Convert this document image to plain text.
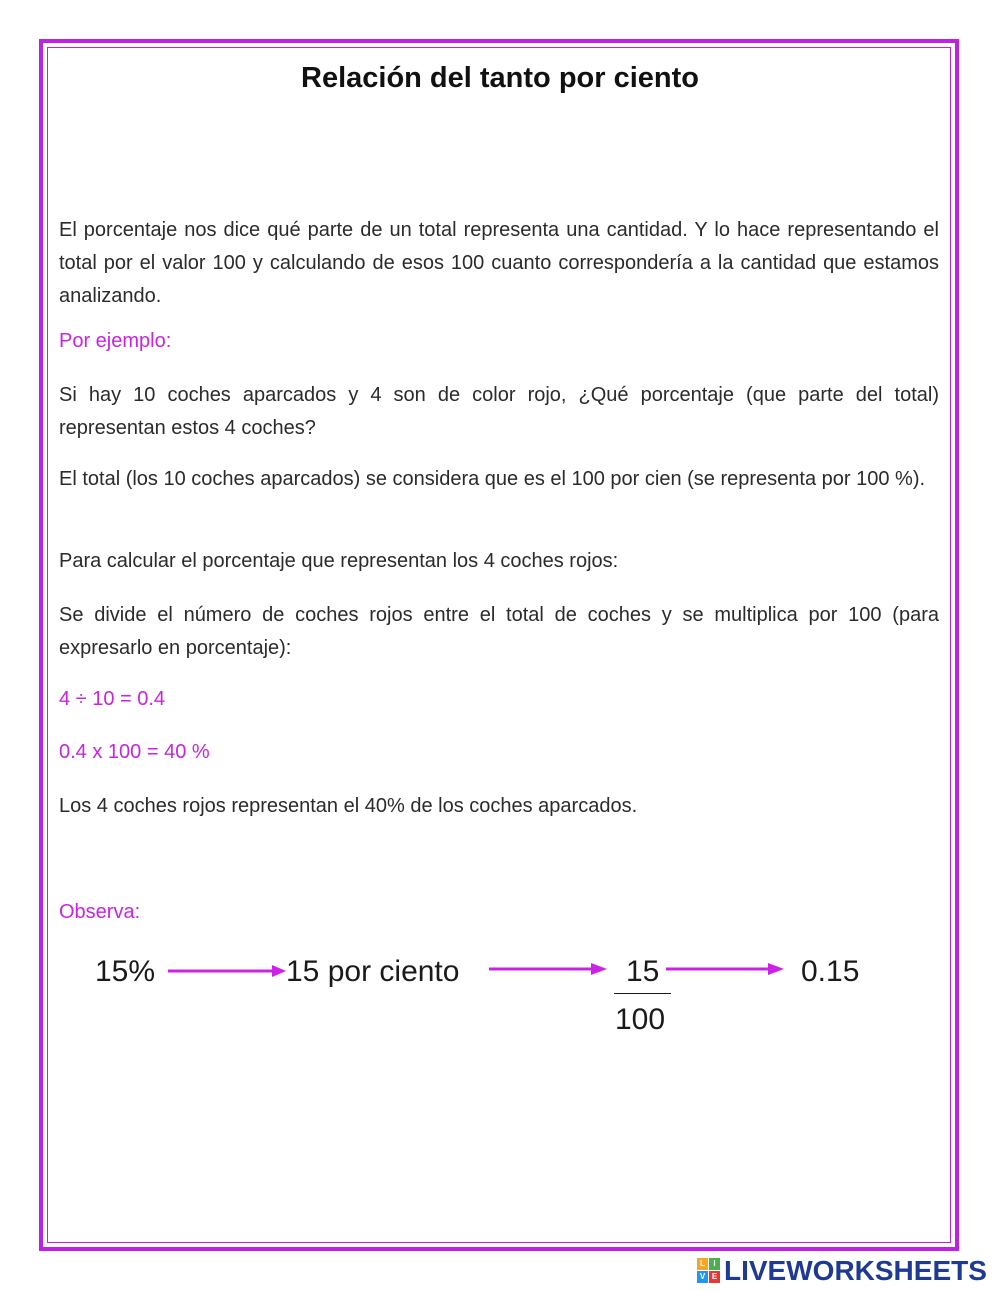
Relación del tanto por ciento

El porcentaje nos dice qué parte de un total representa una cantidad. Y lo hace representando el total por el valor 100 y calculando de esos 100 cuanto correspondería a la cantidad que estamos analizando.

Por ejemplo:

Si hay 10 coches aparcados y 4 son de color rojo, ¿Qué porcentaje (que parte del total) representan estos 4 coches?

El total (los 10 coches aparcados) se considera que es el 100 por cien (se representa por 100 %).

Para calcular el porcentaje que representan los 4 coches rojos:

Se divide el número de coches rojos entre el total de coches y se multiplica por 100 (para expresarlo en porcentaje):

4 ÷ 10 = 0.4

0.4 x 100 = 40 %

Los 4 coches rojos representan el 40% de los coches aparcados.

Observa:

15%	15 por ciento	15
100
0.15
L	I
V E LIVEWORKSHEETS
